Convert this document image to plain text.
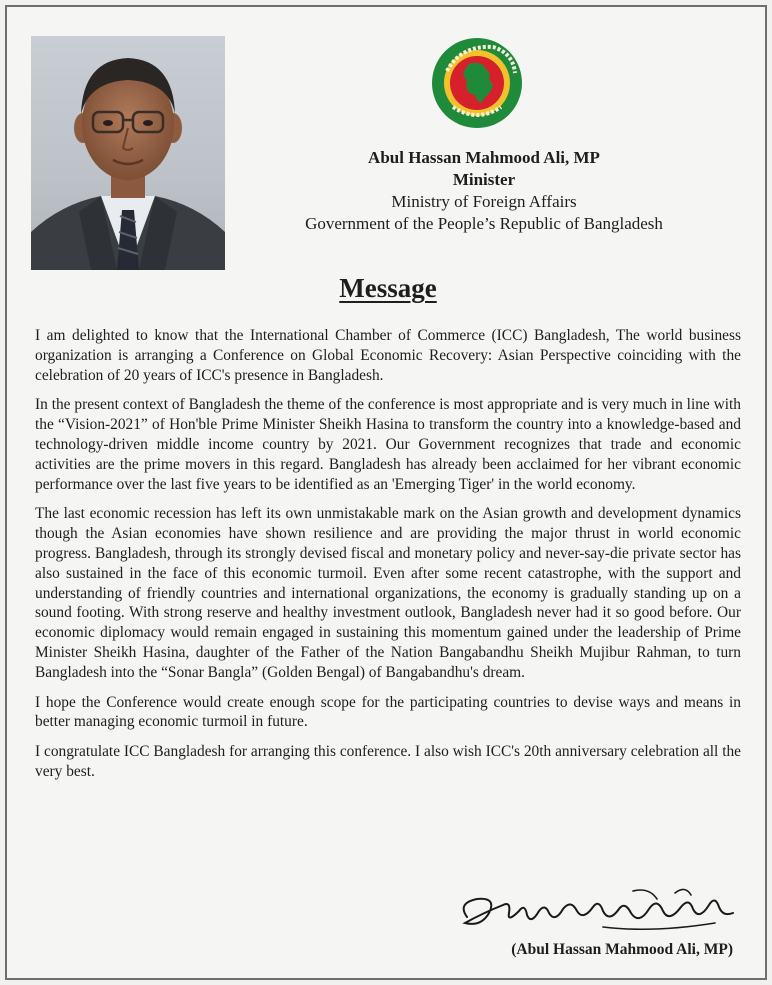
Abul Hassan Mahmood Ali, MP
Minister
Ministry of Foreign Affairs
Government of the People’s Republic of Bangladesh
Message

I am delighted to know that the International Chamber of Commerce (ICC) Bangladesh, The world business organization is arranging a Conference on Global Economic Recovery: Asian Perspective coinciding with the celebration of 20 years of ICC's presence in Bangladesh.

In the present context of Bangladesh the theme of the conference is most appropriate and is very much in line with the “Vision-2021” of Hon'ble Prime Minister Sheikh Hasina to transform the country into a knowledge-based and technology-driven middle income country by 2021. Our Government recognizes that trade and economic activities are the prime movers in this regard. Bangladesh has already been acclaimed for her vibrant economic performance over the last five years to be identified as an 'Emerging Tiger' in the world economy.

The last economic recession has left its own unmistakable mark on the Asian growth and development dynamics though the Asian economies have shown resilience and are providing the major thrust in world economic progress. Bangladesh, through its strongly devised fiscal and monetary policy and never-say-die private sector has also sustained in the face of this economic turmoil. Even after some recent catastrophe, with the support and understanding of friendly countries and international organizations, the economy is gradually standing up on a sound footing. With strong reserve and healthy investment outlook, Bangladesh never had it so good before. Our economic diplomacy would remain engaged in sustaining this momentum gained under the leadership of Prime Minister Sheikh Hasina, daughter of the Father of the Nation Bangabandhu Sheikh Mujibur Rahman, to turn Bangladesh into the “Sonar Bangla” (Golden Bengal) of Bangabandhu's dream.

I hope the Conference would create enough scope for the participating countries to devise ways and means in better managing economic turmoil in future.

I congratulate ICC Bangladesh for arranging this conference. I also wish ICC's 20th anniversary celebration all the very best.

(Abul Hassan Mahmood Ali, MP)
